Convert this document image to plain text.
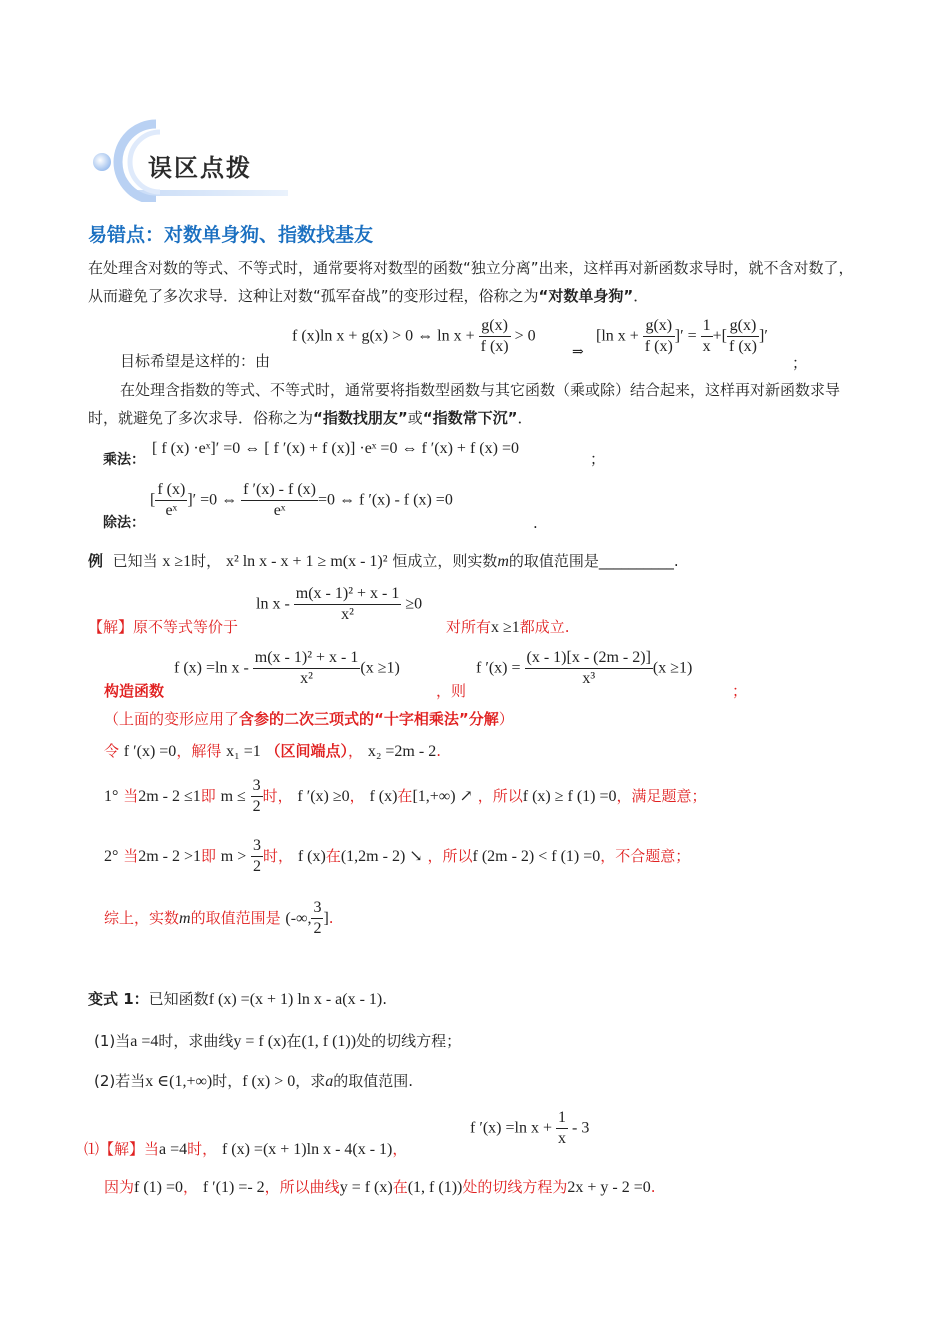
误区点拨
易错点：对数单身狗、指数找基友
在处理含对数的等式、不等式时，通常要将对数型的函数“独立分离”出来，这样再对新函数求导时，就不含对数了，从而避免了多次求导．这种让对数“孤军奋战”的变形过程，俗称之为“对数单身狗”．
目标希望是这样的：由
f (x)ln x + g(x) > 0 ⇔ $\ln x + \frac{g(x)}{f (x)} > 0$
⇒
[ln $x + \frac{g(x)}{f (x)}$ ]′ = $\frac{1}{x}$ +[ $\frac{g(x)}{f (x)}$ ]′
；
在处理含指数的等式、不等式时，通常要将指数型函数与其它函数（乘或除）结合起来，这样再对新函数求导时，就避免了多次求导．俗称之为“指数找朋友”或“指数常下沉”．
乘法：
[ f (x) ·eˣ]′ =0 ⇔ [ f ′(x) + f (x)] ·eˣ =0 ⇔ f ′(x) + f (x) =0
；
除法：
[ $\frac{f (x)}{\text{eˣ}}$ ]′ =0 ⇔ $\frac{f '(x) - f (x)}{\text{eˣ}} =0$ ⇔ f ′(x) - f (x) =0
.
例 已知当 x ≥1时， x² ln x - x + 1 ≥ m(x - 1)² 恒成立，则实数m的取值范围是__________.
【解】原不等式等价于
$\ln x - \frac{\text{m(x - 1)² + x - 1}}{\text{x²}} \ge 0$
对所有x ≥1都成立.
构造函数
f (x) =ln $x - \frac{\text{m(x - 1)² + x - 1}}{\text{x²}} (x \ge 1)$
，则
f $'(x) = \frac{(x - 1)[x - (2m - 2)]}{\text{x³}} (x \ge 1)$
；
（上面的变形应用了含参的二次三项式的“十字相乘法”分解）
令 f ′(x) =0，解得 x₁ =1 （区间端点）， x₂ =2m - 2.
1° 当2m - 2 ≤1即 $m \le \frac{3}{2}$ 时， f ′(x) ≥0， f (x)在[1,+∞) ↗ ，所以f (x) ≥ f (1) =0，满足题意；
2° 当2m - 2 >1即 $m > \frac{3}{2}$ 时， f (x)在(1,2m - 2) ↘ ，所以f (2m - 2) < f (1) =0，不合题意；
综上，实数m的取值范围是 (-∞, $\frac{3}{2}$ ].
变式 1：已知函数f (x) =(x + 1) ln x - a(x - 1).
(1)当a =4时，求曲线y = f (x)在(1, f (1))处的切线方程；
(2)若当x ∈(1,+∞)时，f (x) > 0，求a的取值范围.
⑴【解】当a =4时， f (x) =(x + 1)ln x - 4(x - 1)，
f ′(x) =ln $x + \frac{1}{x} - 3$
因为f (1) =0， f ′(1) =- 2，所以曲线y = f (x)在(1, f (1))处的切线方程为2x + y - 2 =0.
